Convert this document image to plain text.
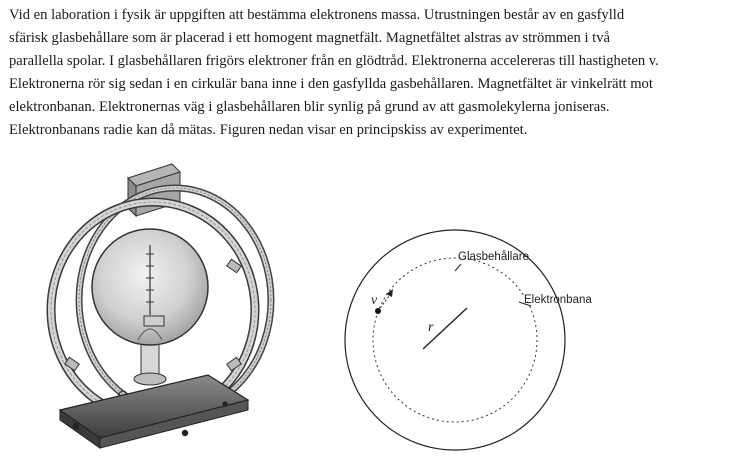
Vid en laboration i fysik är uppgiften att bestämma elektronens massa. Utrustningen består av en gasfylld
sfärisk glasbehållare som är placerad i ett homogent magnetfält. Magnetfältet alstras av strömmen i två
parallella spolar. I glasbehållaren frigörs elektroner från en glödtråd. Elektronerna accelereras till hastigheten v.
Elektronerna rör sig sedan i en cirkulär bana inne i den gasfyllda gasbehållaren. Magnetfältet är vinkelrätt mot
elektronbanan. Elektronernas väg i glasbehållaren blir synlig på grund av att gasmolekylerna joniseras.
Elektronbanans radie kan då mätas. Figuren nedan visar en principskiss av experimentet.
Glasbehållare
Elektronbana
v
r
